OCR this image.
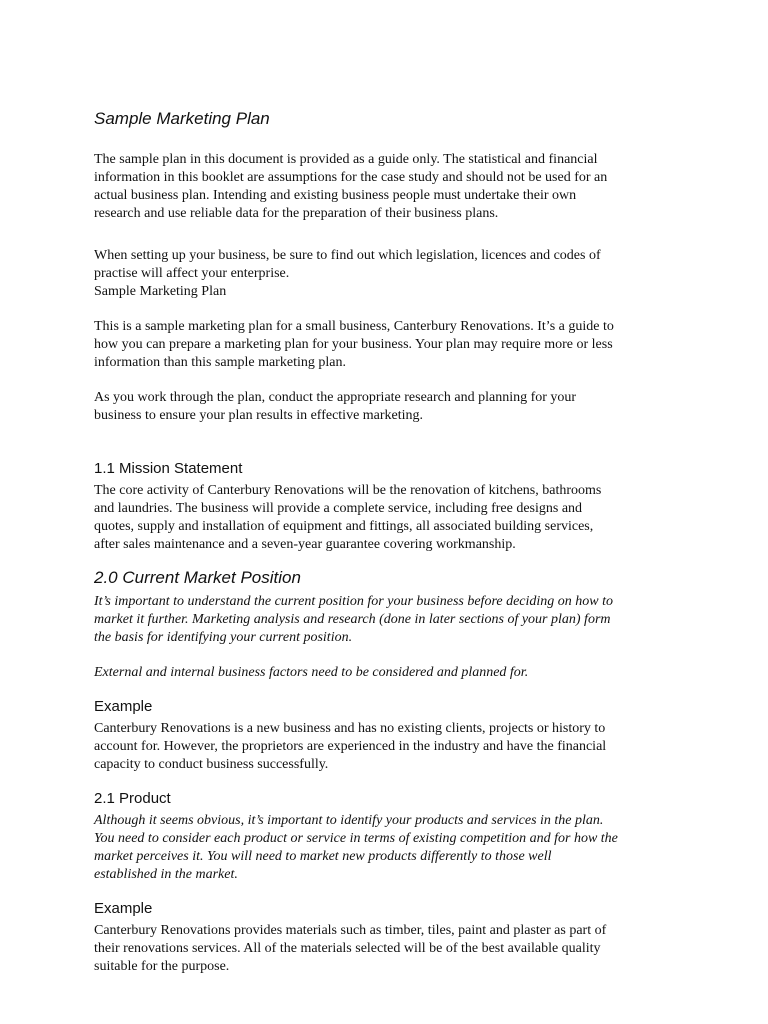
Sample Marketing Plan

The sample plan in this document is provided as a guide only. The statistical and financial
information in this booklet are assumptions for the case study and should not be used for an
actual business plan. Intending and existing business people must undertake their own
research and use reliable data for the preparation of their business plans.

When setting up your business, be sure to find out which legislation, licences and codes of
practise will affect your enterprise.
Sample Marketing Plan

This is a sample marketing plan for a small business, Canterbury Renovations. It’s a guide to
how you can prepare a marketing plan for your business. Your plan may require more or less
information than this sample marketing plan.

As you work through the plan, conduct the appropriate research and planning for your
business to ensure your plan results in effective marketing.

1.1 Mission Statement

The core activity of Canterbury Renovations will be the renovation of kitchens, bathrooms
and laundries. The business will provide a complete service, including free designs and
quotes, supply and installation of equipment and fittings, all associated building services,
after sales maintenance and a seven-year guarantee covering workmanship.

2.0 Current Market Position

It’s important to understand the current position for your business before deciding on how to
market it further. Marketing analysis and research (done in later sections of your plan) form
the basis for identifying your current position.

External and internal business factors need to be considered and planned for.

Example

Canterbury Renovations is a new business and has no existing clients, projects or history to
account for. However, the proprietors are experienced in the industry and have the financial
capacity to conduct business successfully.

2.1 Product

Although it seems obvious, it’s important to identify your products and services in the plan.
You need to consider each product or service in terms of existing competition and for how the
market perceives it. You will need to market new products differently to those well
established in the market.

Example

Canterbury Renovations provides materials such as timber, tiles, paint and plaster as part of
their renovations services. All of the materials selected will be of the best available quality
suitable for the purpose.
